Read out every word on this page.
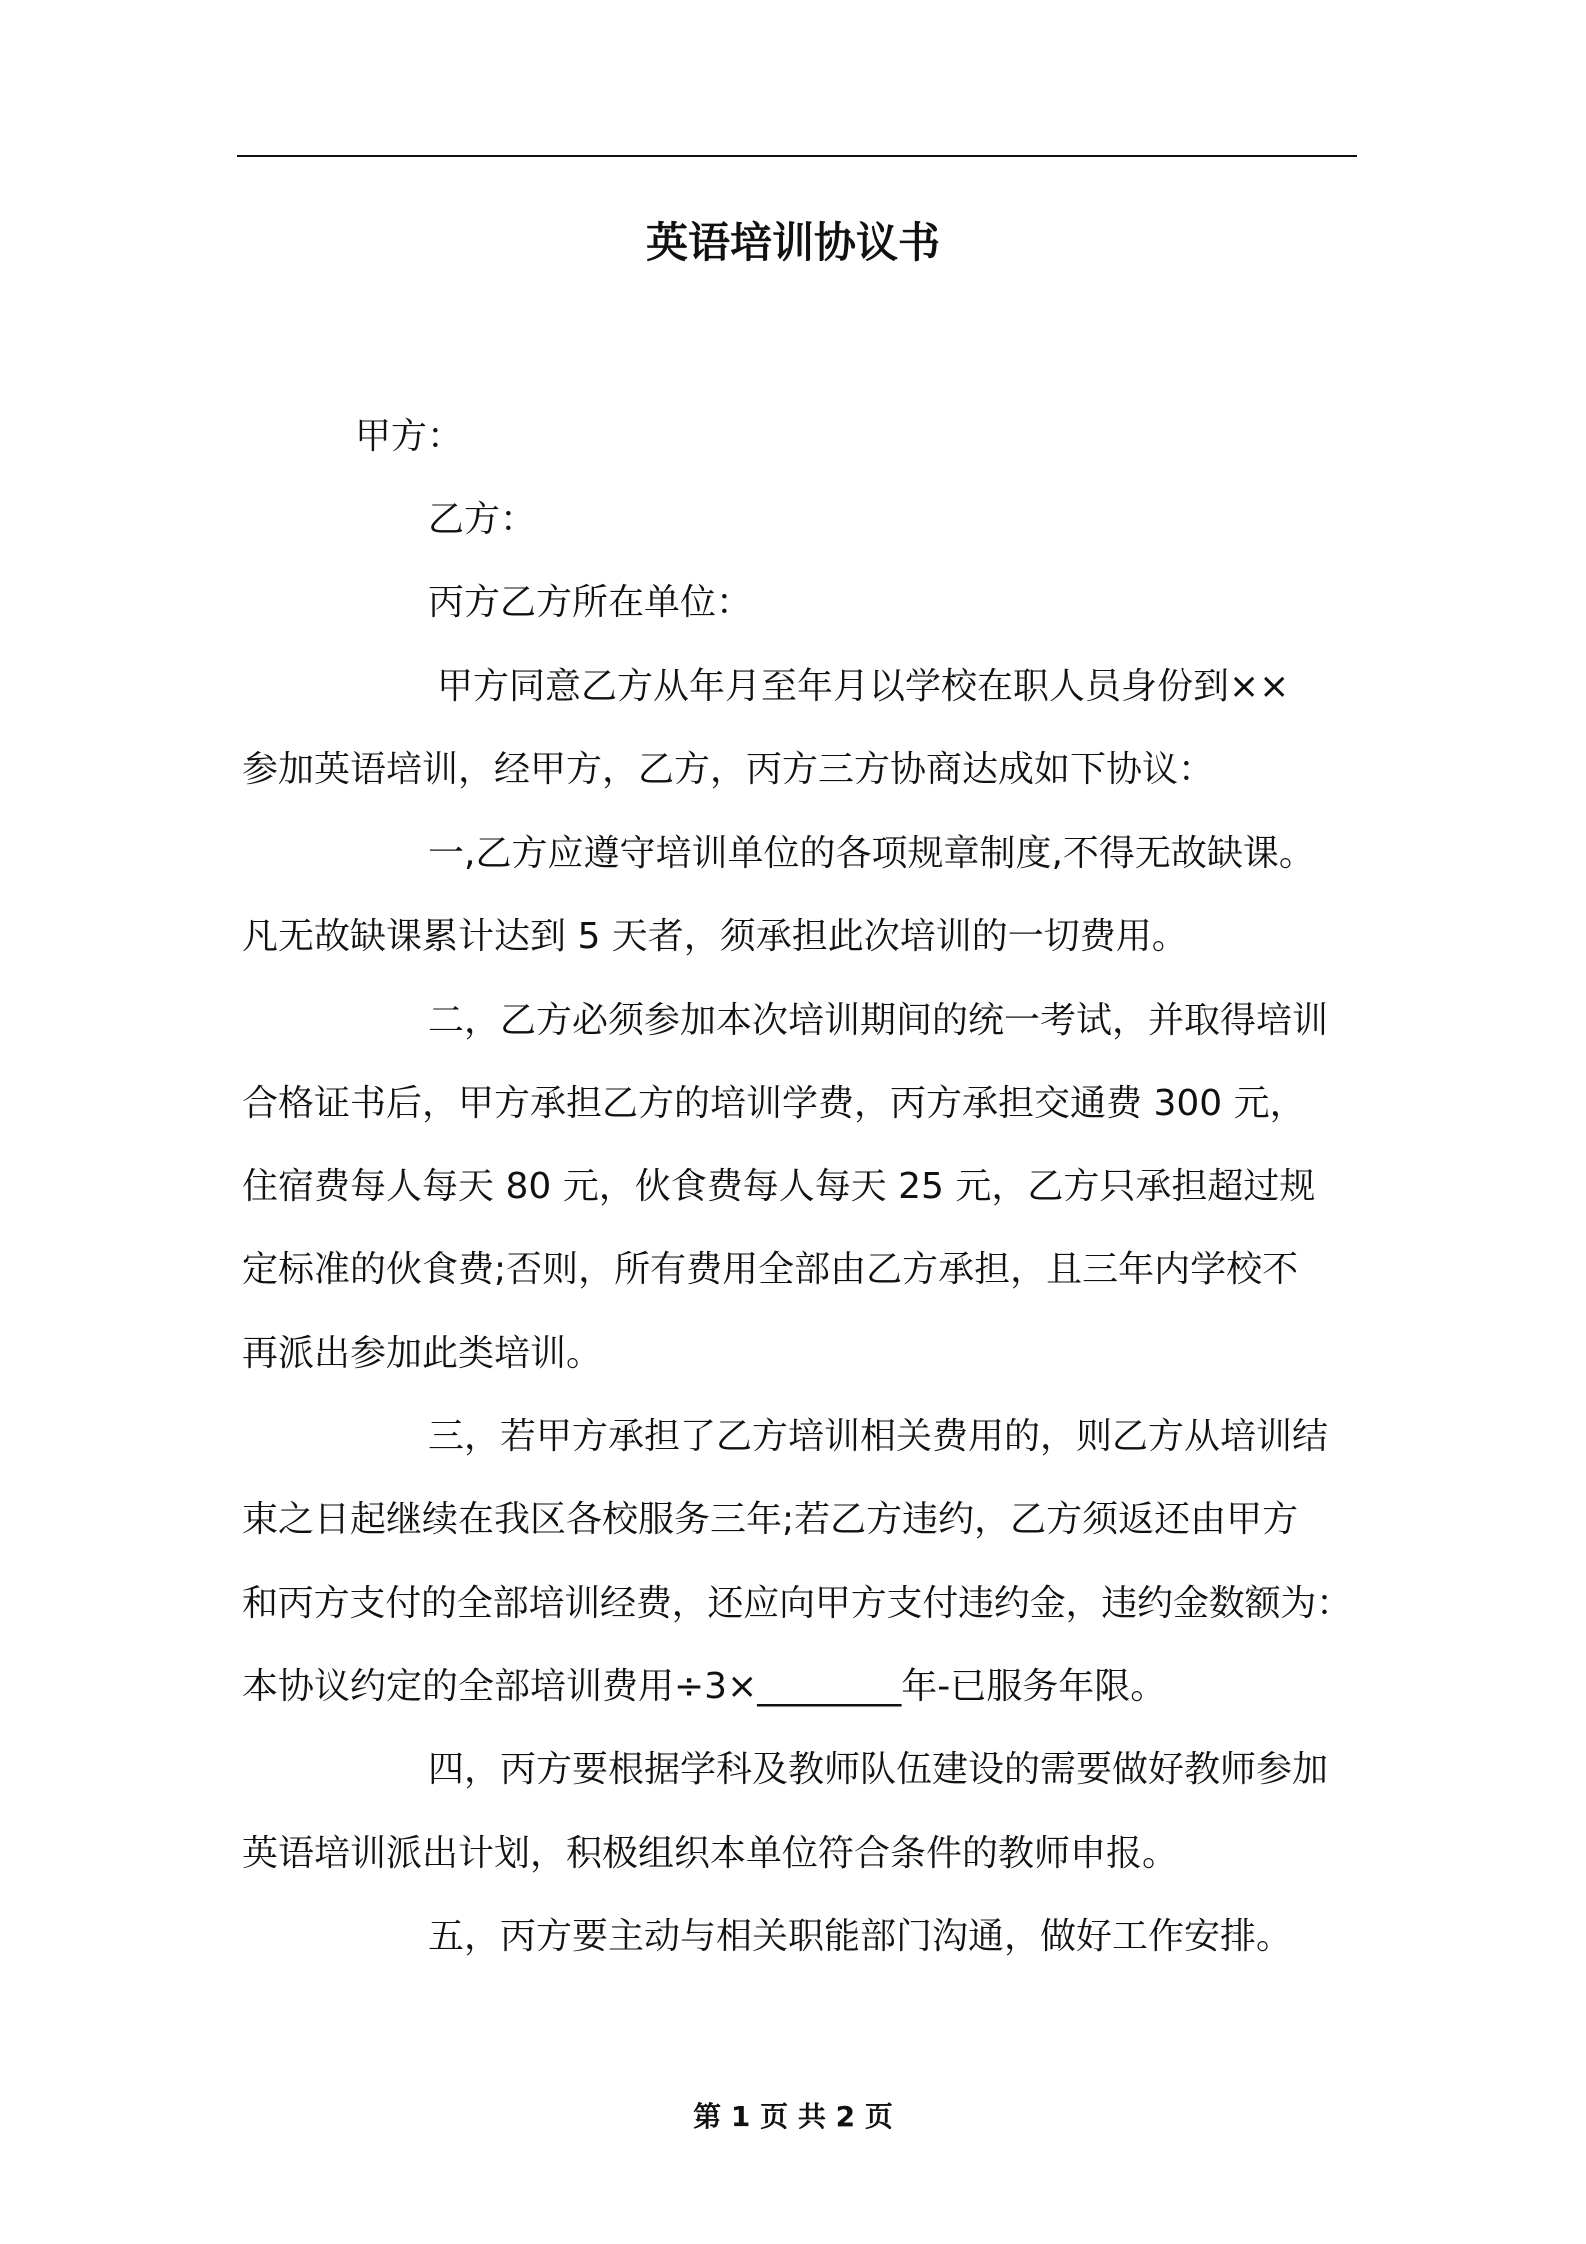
英语培训协议书
甲方：
乙方：
丙方乙方所在单位：
甲方同意乙方从年月至年月以学校在职人员身份到××
参加英语培训，经甲方，乙方，丙方三方协商达成如下协议：
一,乙方应遵守培训单位的各项规章制度,不得无故缺课。
凡无故缺课累计达到 5 天者，须承担此次培训的一切费用。
二，乙方必须参加本次培训期间的统一考试，并取得培训
合格证书后，甲方承担乙方的培训学费，丙方承担交通费 300 元，
住宿费每人每天 80 元，伙食费每人每天 25 元，乙方只承担超过规
定标准的伙食费;否则，所有费用全部由乙方承担，且三年内学校不
再派出参加此类培训。
三，若甲方承担了乙方培训相关费用的，则乙方从培训结
束之日起继续在我区各校服务三年;若乙方违约，乙方须返还由甲方
和丙方支付的全部培训经费，还应向甲方支付违约金，违约金数额为：
本协议约定的全部培训费用÷3×________年-已服务年限。
四，丙方要根据学科及教师队伍建设的需要做好教师参加
英语培训派出计划，积极组织本单位符合条件的教师申报。
五，丙方要主动与相关职能部门沟通，做好工作安排。
第 1 页 共 2 页
